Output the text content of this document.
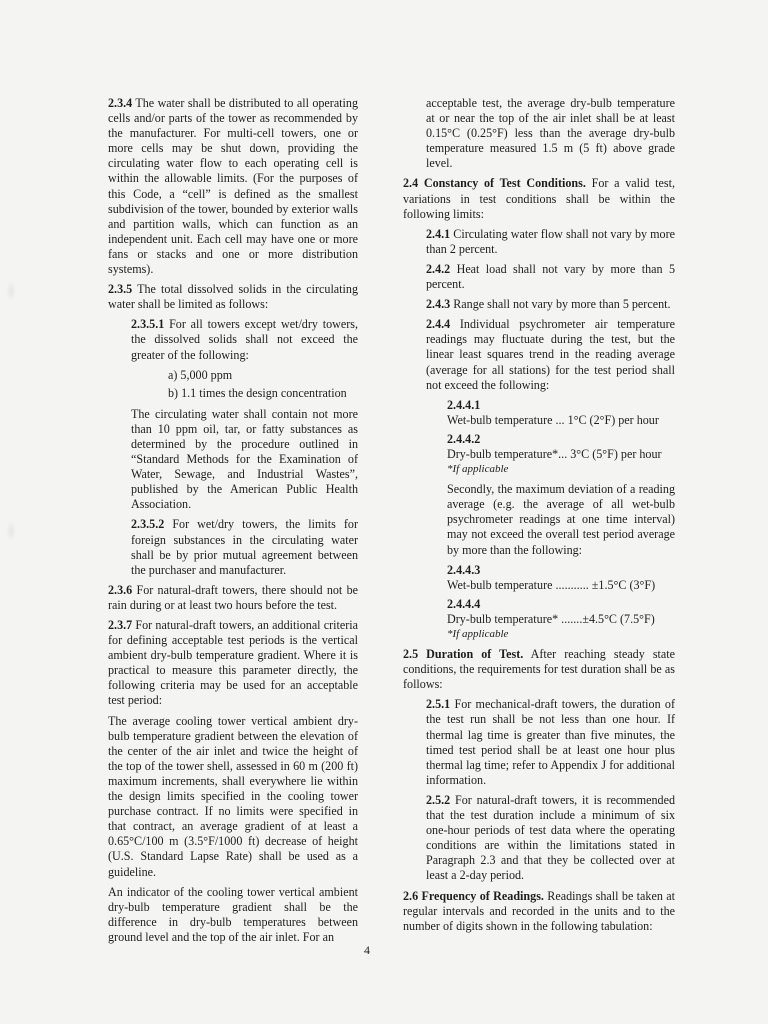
2.3.4 The water shall be distributed to all operating cells and/or parts of the tower as recommended by the manufacturer. For multi-cell towers, one or more cells may be shut down, providing the circulating water flow to each operating cell is within the allowable limits. (For the purposes of this Code, a “cell” is defined as the smallest subdivision of the tower, bounded by exterior walls and partition walls, which can function as an independent unit. Each cell may have one or more fans or stacks and one or more distribution systems).

2.3.5 The total dissolved solids in the circulating water shall be limited as follows:

2.3.5.1 For all towers except wet/dry towers, the dissolved solids shall not exceed the greater of the following:

a) 5,000 ppm

b) 1.1 times the design concentration

The circulating water shall contain not more than 10 ppm oil, tar, or fatty substances as determined by the procedure outlined in “Standard Methods for the Examination of Water, Sewage, and Industrial Wastes”, published by the American Public Health Association.

2.3.5.2 For wet/dry towers, the limits for foreign substances in the circulating water shall be by prior mutual agreement between the purchaser and manufacturer.

2.3.6 For natural-draft towers, there should not be rain during or at least two hours before the test.

2.3.7 For natural-draft towers, an additional criteria for defining acceptable test periods is the vertical ambient dry-bulb temperature gradient. Where it is practical to measure this parameter directly, the following criteria may be used for an acceptable test period:

The average cooling tower vertical ambient dry-bulb temperature gradient between the elevation of the center of the air inlet and twice the height of the top of the tower shell, assessed in 60 m (200 ft) maximum increments, shall everywhere lie within the design limits specified in the cooling tower purchase contract. If no limits were specified in that contract, an average gradient of at least a 0.65°C/100 m (3.5°F/1000 ft) decrease of height (U.S. Standard Lapse Rate) shall be used as a guideline.

An indicator of the cooling tower vertical ambient dry-bulb temperature gradient shall be the difference in dry-bulb temperatures between ground level and the top of the air inlet. For an

acceptable test, the average dry-bulb temperature at or near the top of the air inlet shall be at least 0.15°C (0.25°F) less than the average dry-bulb temperature measured 1.5 m (5 ft) above grade level.

2.4 Constancy of Test Conditions. For a valid test, variations in test conditions shall be within the following limits:

2.4.1 Circulating water flow shall not vary by more than 2 percent.

2.4.2 Heat load shall not vary by more than 5 percent.

2.4.3 Range shall not vary by more than 5 percent.

2.4.4 Individual psychrometer air temperature readings may fluctuate during the test, but the linear least squares trend in the reading average (average for all stations) for the test period shall not exceed the following:

2.4.4.1

Wet-bulb temperature ... 1°C (2°F) per hour

2.4.4.2

Dry-bulb temperature*... 3°C (5°F) per hour

*If applicable

Secondly, the maximum deviation of a reading average (e.g. the average of all wet-bulb psychrometer readings at one time interval) may not exceed the overall test period average by more than the following:

2.4.4.3

Wet-bulb temperature ........... ±1.5°C (3°F)

2.4.4.4

Dry-bulb temperature* .......±4.5°C (7.5°F)

*If applicable

2.5 Duration of Test. After reaching steady state conditions, the requirements for test duration shall be as follows:

2.5.1 For mechanical-draft towers, the duration of the test run shall be not less than one hour. If thermal lag time is greater than five minutes, the timed test period shall be at least one hour plus thermal lag time; refer to Appendix J for additional information.

2.5.2 For natural-draft towers, it is recommended that the test duration include a minimum of six one-hour periods of test data where the operating conditions are within the limitations stated in Paragraph 2.3 and that they be collected over at least a 2-day period.

2.6 Frequency of Readings. Readings shall be taken at regular intervals and recorded in the units and to the number of digits shown in the following tabulation:

4
